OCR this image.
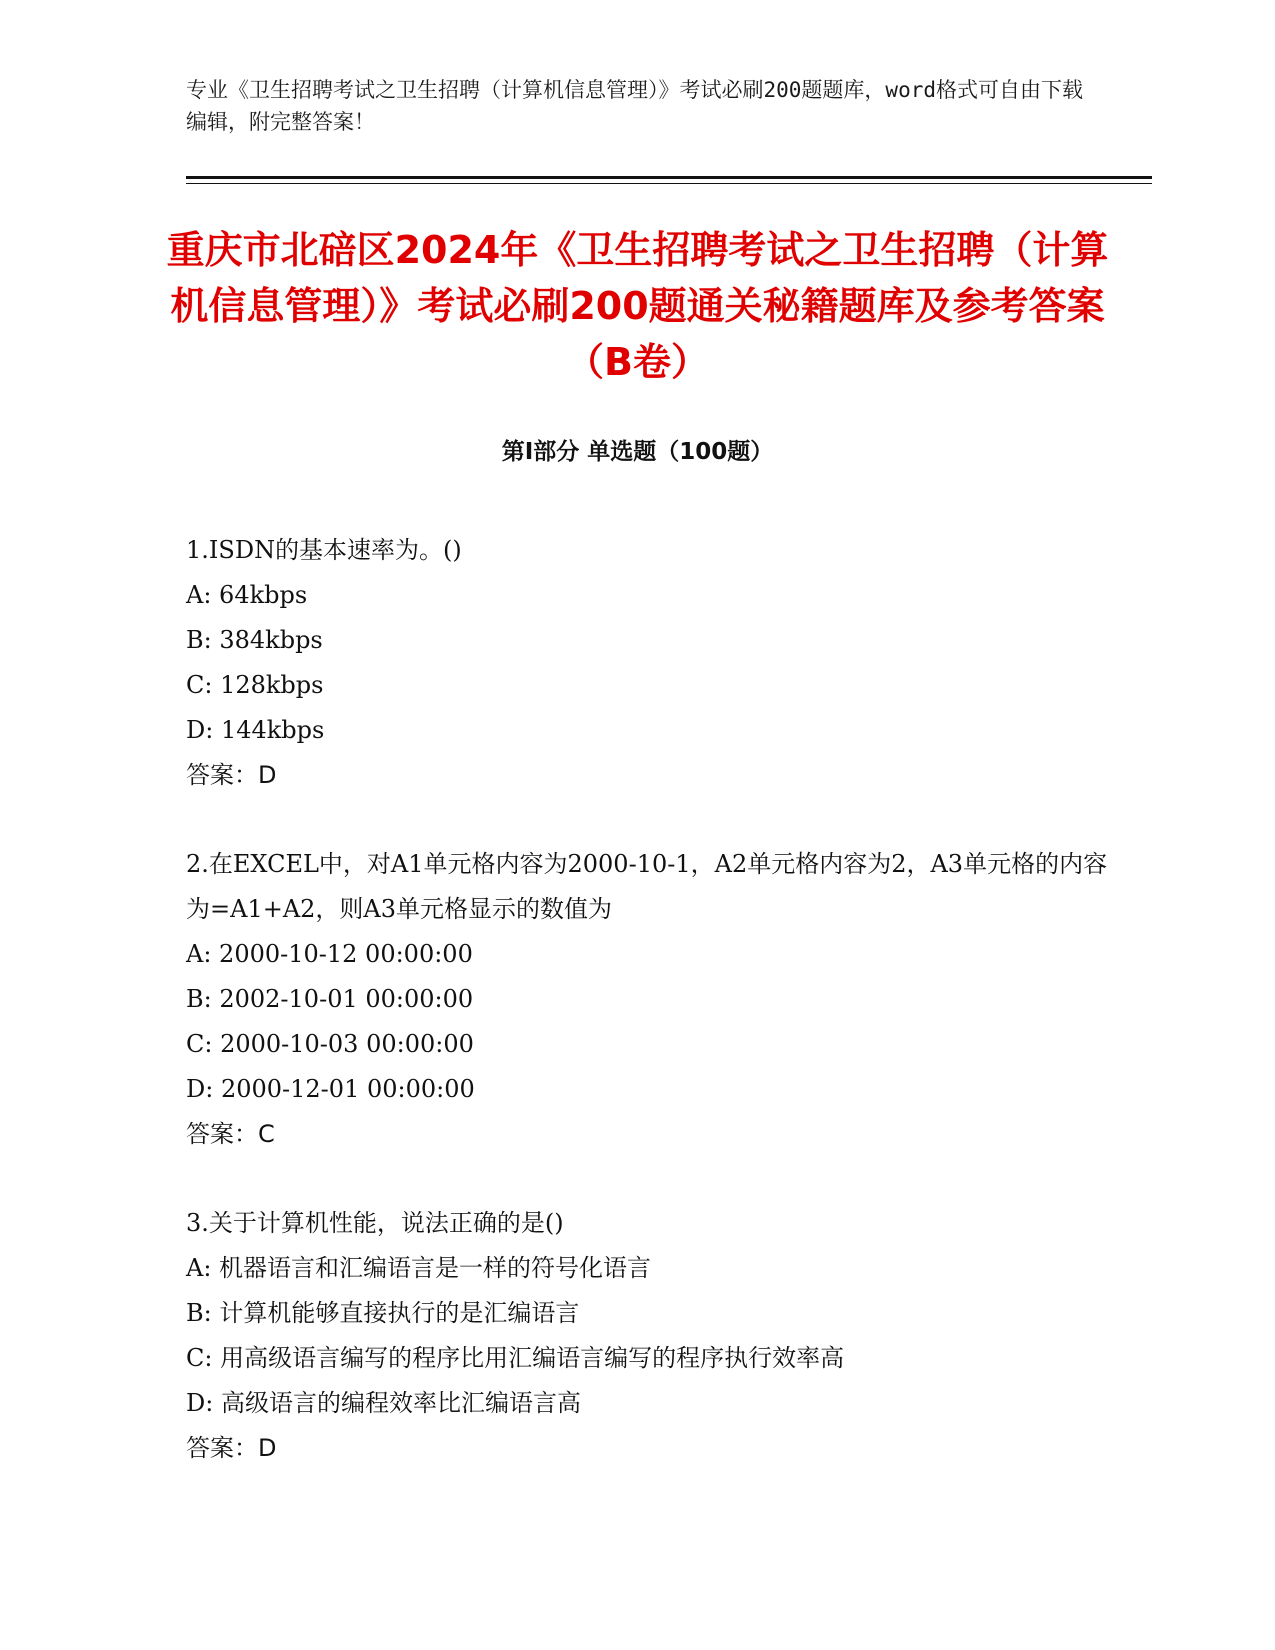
专业《卫生招聘考试之卫生招聘（计算机信息管理）》考试必刷200题题库，word格式可自由下载编辑，附完整答案！
重庆市北碚区2024年《卫生招聘考试之卫生招聘（计算机信息管理）》考试必刷200题通关秘籍题库及参考答案（B卷）
第I部分 单选题（100题）
1.ISDN的基本速率为。()
A: 64kbps
B: 384kbps
C: 128kbps
D: 144kbps
答案：D
2.在EXCEL中，对A1单元格内容为2000-10-1，A2单元格内容为2，A3单元格的内容为=A1+A2，则A3单元格显示的数值为
A: 2000-10-12 00:00:00
B: 2002-10-01 00:00:00
C: 2000-10-03 00:00:00
D: 2000-12-01 00:00:00
答案：C
3.关于计算机性能，说法正确的是()
A: 机器语言和汇编语言是一样的符号化语言
B: 计算机能够直接执行的是汇编语言
C: 用高级语言编写的程序比用汇编语言编写的程序执行效率高
D: 高级语言的编程效率比汇编语言高
答案：D
